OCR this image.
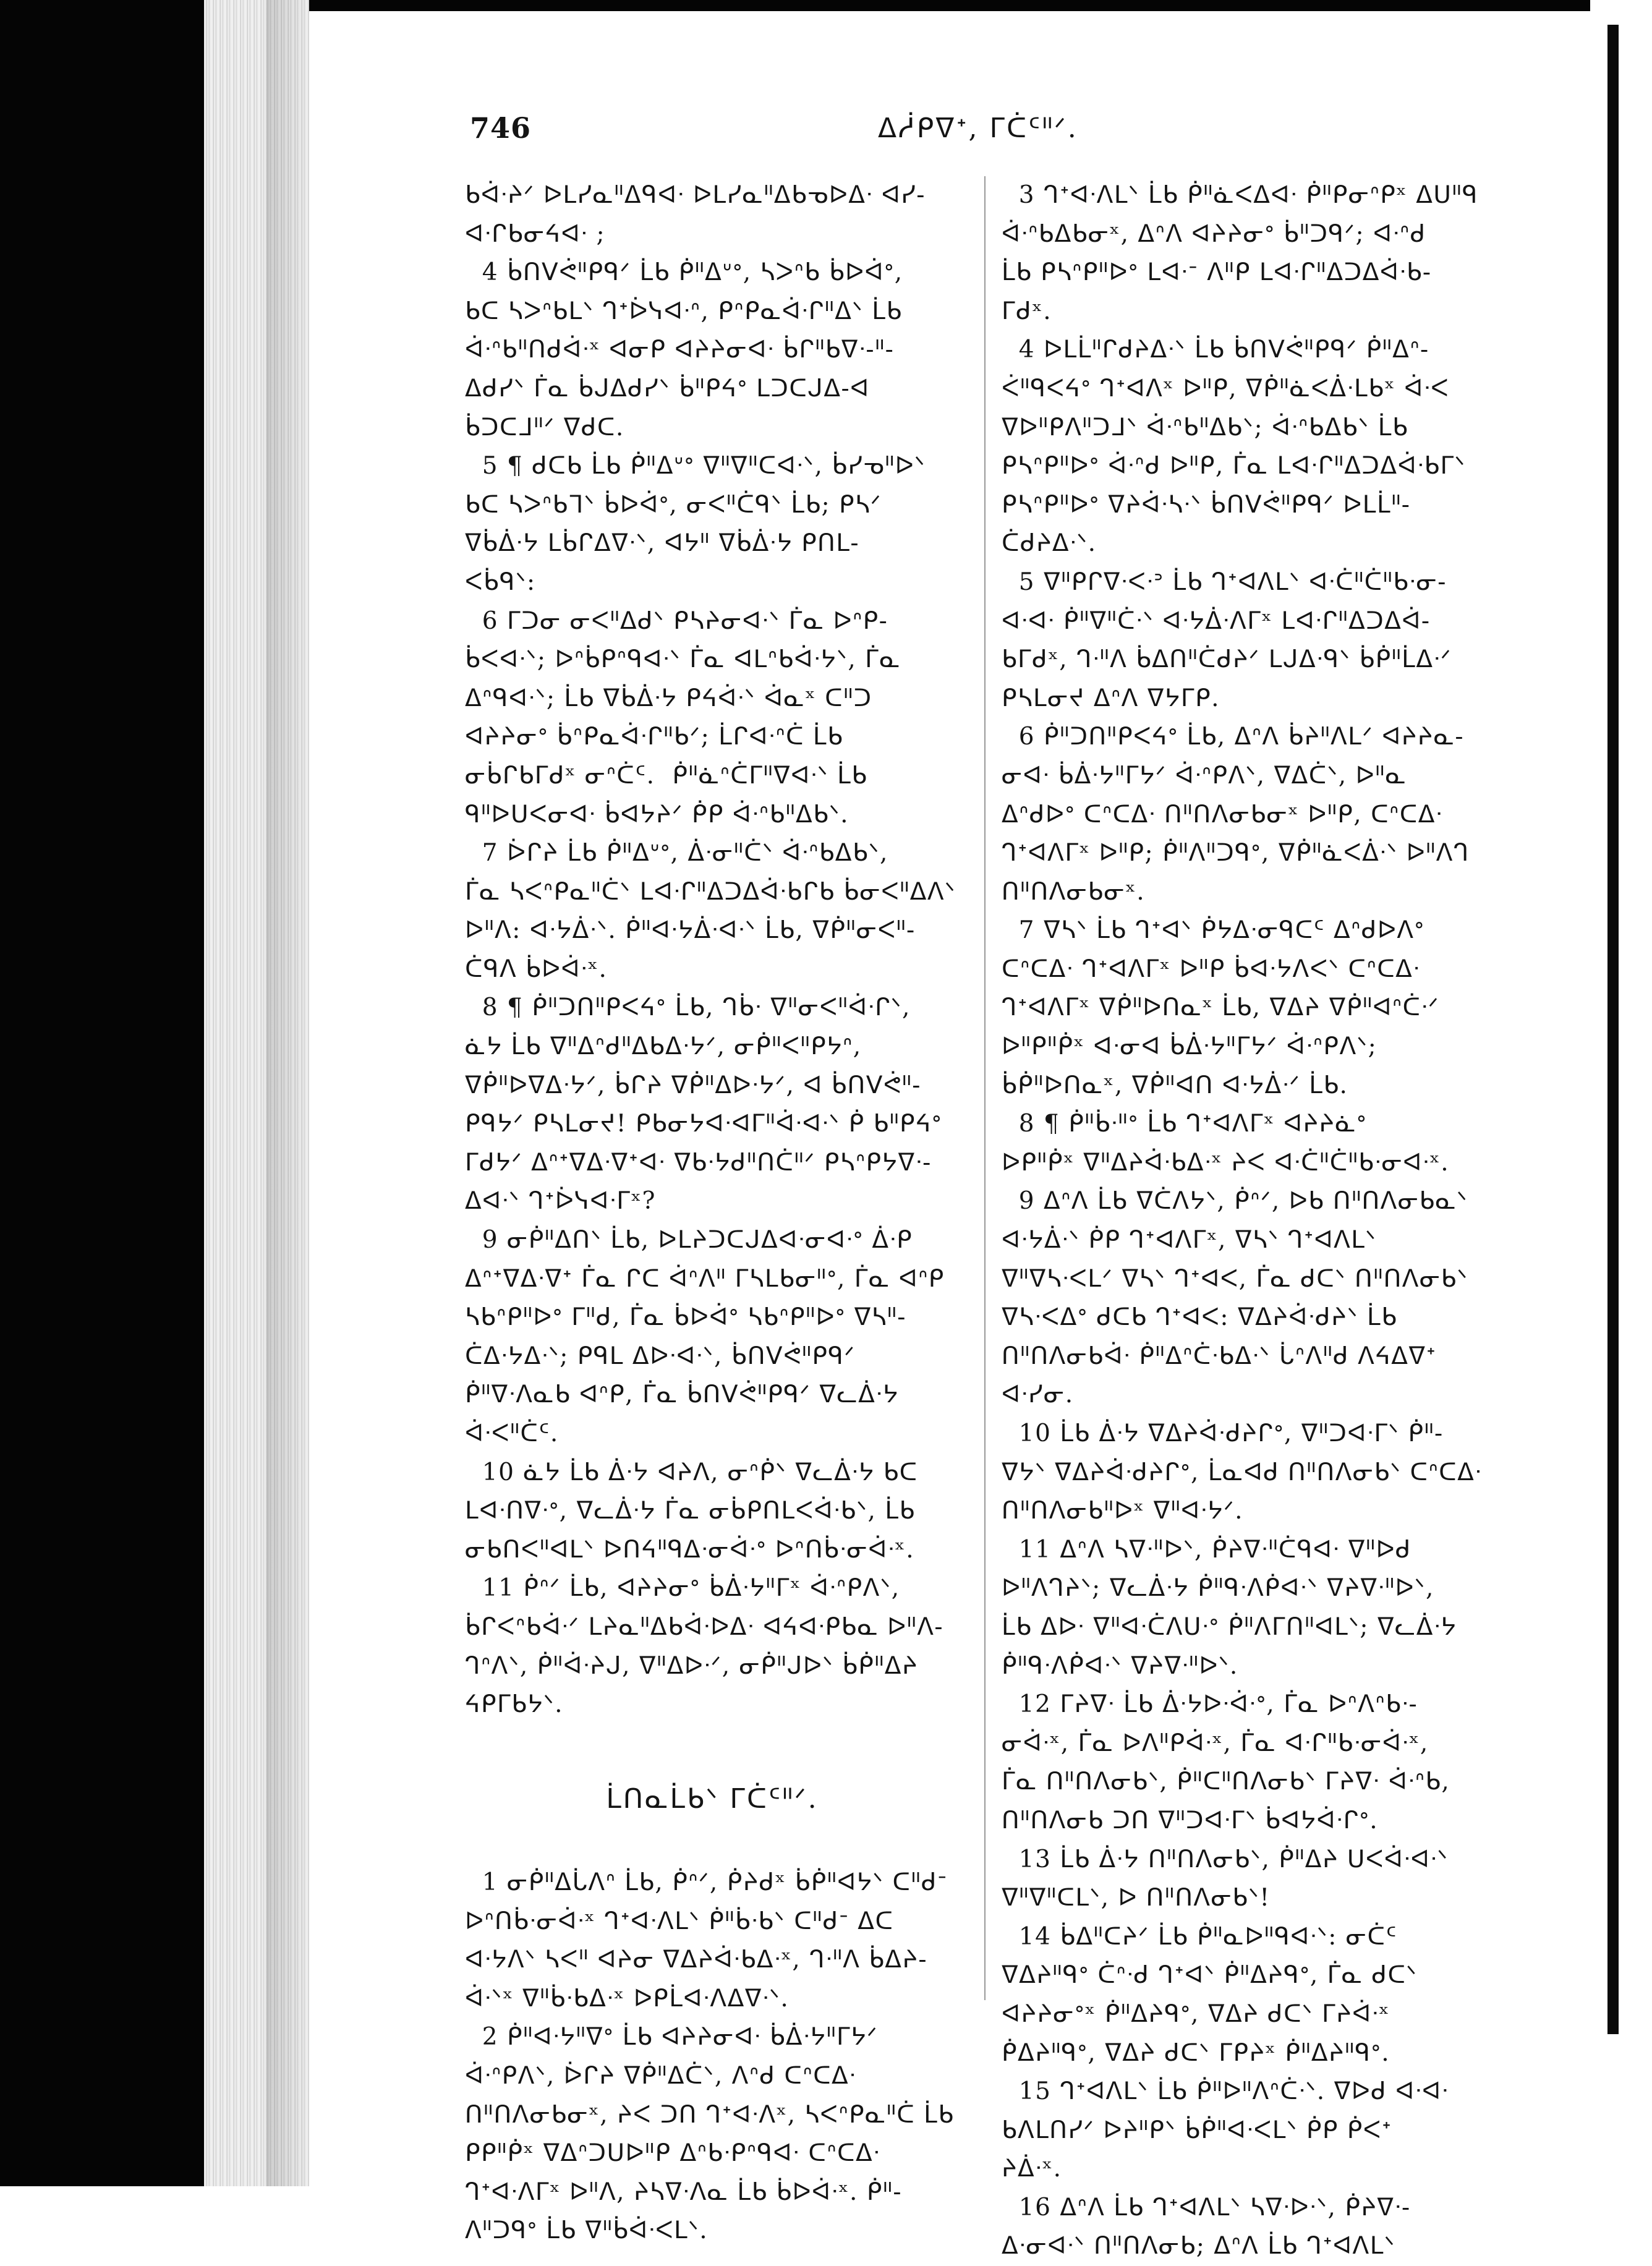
746	ᐃᓲᑭᐁᕀ, ᒥᑖᑦᐦᐟ.
ᑲᐋᐧᔨᐟ ᐅᒪᓯᓇᐦᐃᑫᐊᐧ ᐅᒪᓯᓇᐦᐃᑲᓀᐅᐃᐧ ᐊᓯ-
ᐊᐧᒋᑲᓂᔦᐊᐧ ;
4 ᑳᑎᐯᕚᐦᑭᑫᐟ ᒫᑲ ᑮᐦᐃᐡᐤ, ᓴᐳᐢᑲ ᑳᐅᐋᐤ,
ᑲᑕ ᓴᐳᐢᑲᒪᐠ ᒉᕀᐆᓭᐊᐧᐢ, ᑭᐢᑭᓇᐋᐧᒋᐦᐃᐠ ᒫᑲ
ᐋᐧᐢᑲᐦᑎᑯᐋᐧˣ ᐊᓂᑭ ᐊᔨᔨᓂᐊᐧ ᑳᒋᐦᑲᐁᐧ-ᐦ-
ᐃᑯᓯᐠ ᒦᓇ ᑳᒍᐃᑯᓯᐠ ᑳᐦᑭᔦᐤ ᒪᑐᑕᒍᐃ-ᐊ
ᑳᑐᑕᒧᐦᐟ ᐁᑯᑕ.
5 ¶ ᑯᑕᑲ ᒫᑲ ᑮᐦᐃᐡᐤ ᐁᐦᐁᐦᑕᐊᐧᐠ, ᑳᓯᓀᐦᐅᐠ
ᑲᑕ ᓴᐳᐢᑲᒣᐠ ᑳᐅᐋᐤ, ᓂᐸᐦᑖᑫᐠ ᒫᑲ; ᑭᓴᐟ
ᐁᑳᐄᐧᔭ ᒪᑳᒋᐃᐁᐧᐠ, ᐊᔭᐦ ᐁᑳᐄᐧᔭ ᑭᑎᒪ-
ᐸᑳᑫᐠ:
6 ᒥᑐᓂ ᓂᐸᐦᐃᑯᐠ ᑭᓴᔨᓂᐊᐧᐠ ᒦᓇ ᐅᐢᑭ-
ᑳᐸᐊᐧᐠ; ᐅᐢᑳᑭᐢᑫᐊᐧᐠ ᒦᓇ ᐊᒪᐢᑲᐋᐧᔭᐠ, ᒦᓇ
ᐃᐢᑫᐊᐧᐠ; ᒫᑲ ᐁᑳᐄᐧᔭ ᑭᔦᐋᐧᐠ ᐋᓇˣ ᑕᐦᑐ
ᐊᔨᔨᓂᐤ ᑳᐢᑭᓇᐋᐧᒋᐦᑲᐟ; ᒫᒋᐊᐧᐢᑖ ᒫᑲ
ᓂᑳᒋᑲᒥᑯˣ ᓂᐢᑖᑦ.  ᑮᐦᓈᐢᑖᒥᐦᐁᐊᐧᐠ ᒫᑲ
ᑫᐦᐅᑌᐸᓂᐊᐧ ᑳᐊᔭᔨᐟ ᑮᑭ ᐋᐧᐢᑲᐦᐃᑲᐠ.
7 ᐆᒋᔨ ᒫᑲ ᑮᐦᐃᐡᐤ, ᐄᐧᓂᐦᑖᐠ ᐋᐧᐢᑲᐃᑲᐠ,
ᒦᓇ ᓴᐸᐢᑭᓇᐦᑖᐠ ᒪᐊᐧᒋᐦᐃᑐᐃᐋᐧᑲᒋᑲ ᑳᓂᐸᐦᐃᐱᐠ
ᐅᐦᐱ: ᐊᐧᔭᐄᐧᐠ. ᑮᐦᐊᐧᔭᐄᐧᐊᐧᐠ ᒫᑲ, ᐁᑮᐦᓂᐸᐦ-
ᑖᑫᐱ ᑳᐅᐋᐧˣ.
8 ¶ ᑮᐦᑐᑎᐦᑭᐸᔦᐤ ᒫᑲ, ᒉᑳᐧ ᐁᐦᓂᐸᐦᐋᐧᒋᐠ,
ᓈᔭ ᒫᑲ ᐁᐦᐃᐢᑯᐦᐃᑲᐃᐧᔭᐟ, ᓂᑮᐦᐸᐦᑭᔭᐢ,
ᐁᑮᐦᐅᐁᐃᐧᔭᐟ, ᑳᒋᔨ ᐁᑮᐦᐃᐅᐧᔭᐟ, ᐊ ᑳᑎᐯᕚᐦ-
ᑭᑫᔭᐟ ᑭᓴᒪᓂᔪ! ᑭᑲᓂᔭᐊᐧᐊᒥᐦᐋᐧᐊᐧᐠ ᑮ ᑲᐦᑭᔦᐤ
ᒥᑯᔭᐟ ᐃᐢᕀᐁᐃᐧᐁᕀᐊᐧ ᐁᑲᐧᔭᑯᐦᑎᑖᐦᐟ ᑭᓴᐢᑭᔭᐁᐧ-
ᐃᐊᐧᐠ ᒉᕀᐆᓭᐊᐧᒥˣ?
9 ᓂᑮᐦᐃᑎᐠ ᒫᑲ, ᐅᒪᔨᑐᑕᒍᐃᐊᐧᓂᐊᐧᐤ ᐄᐧᑭ
ᐃᐢᕀᐁᐃᐧᐁᕀ ᒦᓇ ᒋᑕ ᐋᐢᐱᐦ ᒥᓴᒪᑲᓂᐦᐤ, ᒦᓇ ᐊᐢᑭ
ᓴᑲᐢᑭᐦᐅᐤ ᒥᐦᑯ, ᒦᓇ ᑳᐅᐋᐤ ᓴᑲᐢᑭᐦᐅᐤ ᐁᓴᐦ-
ᑖᐃᐧᔭᐃᐧᐠ; ᑭᑫᒪ ᐃᐅᐧᐊᐧᐠ, ᑳᑎᐯᕚᐦᑭᑫᐟ
ᑮᐦᐁᐧᐱᓇᑲ ᐊᐢᑭ, ᒦᓇ ᑳᑎᐯᕚᐦᑭᑫᐟ ᐁᓚᐄᐧᔭ
ᐋᐧᐸᐦᑖᑦ.
10 ᓈᔭ ᒫᑲ ᐄᐧᔭ ᐊᔨᐱ, ᓂᐢᑮᐠ ᐁᓚᐄᐧᔭ ᑲᑕ
ᒪᐊᐧᑎᐁᐧᐤ, ᐁᓚᐄᐧᔭ ᒦᓇ ᓂᑳᑭᑎᒪᐸᐋᐧᑲᐠ, ᒫᑲ
ᓂᑲᑎᐸᐦᐊᒪᐠ ᐅᑎᔦᐦᑫᐃᐧᓂᐋᐧᐤ ᐅᐢᑎᑳᐧᓂᐋᐧˣ.
11 ᑮᐢᐟ ᒫᑲ, ᐊᔨᔨᓂᐤ ᑳᐄᐧᔭᐦᒥˣ ᐋᐧᐢᑭᐱᐠ,
ᑳᒋᐸᐢᑲᐋᐧᐟ ᒪᔨᓇᐦᐃᑲᐋᐧᐅᐃᐧ ᐊᔦᐊᐧᑭᑲᓇ ᐅᐦᐱ-
ᒉᐢᐱᐠ, ᑮᐦᐋᐧᔨᒍ, ᐁᐦᐃᐅᐧᐟ, ᓂᑮᐦᒍᐅᐠ ᑳᑮᐦᐃᔨ
ᔦᑭᒥᑲᔭᐠ.
ᒫᑎᓇᒫᑲᐠ ᒥᑖᑦᐦᐟ.
1 ᓂᑮᐦᐃᒑᐱᐢ ᒫᑲ, ᑮᐢᐟ, ᑮᔨᑯˣ ᑳᑮᐦᐊᔭᐠ ᑕᐦᑯᐨ
ᐅᐢᑎᑳᐧᓂᐋᐧˣ ᒉᕀᐊᐧᐱᒪᐠ ᑮᐦᑳᐧᑲᐠ ᑕᐦᑯᐨ ᐃᑕ
ᐊᐧᔭᐱᐠ ᓴᐸᐦ ᐊᔨᓂ ᐁᐃᔨᐋᐧᑲᐃᐧˣ, ᒉᐧᐦᐱ ᑳᐃᔨ-
ᐋᐧᐠˣ ᐁᐦᑳᐧᑲᐃᐧˣ ᐅᑭᒫᐊᐧᐱᐃᐁᐧᐠ.
2 ᑮᐦᐊᐧᔭᐦᐁᐤ ᒫᑲ ᐊᔨᔨᓂᐊᐧ ᑳᐄᐧᔭᐦᒥᔭᐟ
ᐋᐧᐢᑭᐱᐠ, ᐆᒋᔨ ᐁᑮᐦᐃᑖᐠ, ᐱᐢᑯ ᑕᐢᑕᐃᐧ
ᑎᐦᑎᐱᓂᑲᓂˣ, ᔨᐸ ᑐᑎ ᒉᕀᐊᐧᐱˣ, ᓴᐸᐢᑭᓇᐦᑖ ᒫᑲ
ᑭᑭᐦᑮˣ ᐁᐃᐢᑐᑌᐅᐦᑭ ᐃᐢᑲᐧᑭᐢᑫᐊᐧ ᑕᐢᑕᐃᐧ
ᒉᕀᐊᐧᐱᒥˣ ᐅᐦᐱ, ᔨᓴᐁᐧᐱᓇ ᒫᑲ ᑳᐅᐋᐧˣ. ᑮᐦ-
ᐱᐦᑐᑫᐤ ᒫᑲ ᐁᐦᑳᐋᐧᐸᒪᐠ.
3 ᒉᕀᐊᐧᐱᒪᐠ ᒫᑲ ᑮᐦᓈᐸᐃᐊᐧ ᑮᐦᑭᓂᐢᑭˣ ᐃᑌᐦᑫ
ᐋᐧᐢᑲᐃᑲᓂˣ, ᐃᐢᐱ ᐊᔨᔨᓂᐤ ᑳᐦᑐᑫᐟ; ᐊᐧᐢᑯ
ᒫᑲ ᑭᓴᐢᑭᐦᐅᐤ ᒪᐊᐧᐨ ᐱᐦᑭ ᒪᐊᐧᒋᐦᐃᑐᐃᐋᐧᑲ-
ᒥᑯˣ.
4 ᐅᒪᒫᐦᒋᑯᔨᐃᐧᐠ ᒫᑲ ᑳᑎᐯᕚᐦᑭᑫᐟ ᑮᐦᐃᐢ-
ᐹᐦᑫᐸᔦᐤ ᒉᕀᐊᐱˣ ᐅᐦᑭ, ᐁᑮᐦᓈᐸᐄᐧᒪᑲˣ ᐋᐧᐸ
ᐁᐅᐦᑭᐱᐦᑐᒧᐠ ᐋᐧᐢᑲᐦᐃᑲᐠ; ᐋᐧᐢᑲᐃᑲᐠ ᒫᑲ
ᑭᓴᐢᑭᐦᐅᐤ ᐋᐧᐢᑯ ᐅᐦᑭ, ᒦᓇ ᒪᐊᐧᒋᐦᐃᑐᐃᐋᐧᑲᒥᐠ
ᑭᓴᐢᑭᐦᐅᐤ ᐁᔨᐋᐧᓴᐧᐠ ᑳᑎᐯᕚᐦᑭᑫᐟ ᐅᒪᒫᐦ-
ᑖᑯᔨᐃᐧᐠ.
5 ᐁᐦᑭᒋᐁᐧᐸᐧᐣ ᒫᑲ ᒉᕀᐊᐱᒪᐠ ᐊᐧᑖᐦᑖᐦᑲᐧᓂ-
ᐊᐧᐊᐧ ᑮᐦᐁᐦᑖᐧᐠ ᐊᐧᔭᐄᐧᐱᒥˣ ᒪᐊᐧᒋᐦᐃᑐᐃᐋ-
ᑲᒥᑯˣ, ᒉᐧᐦᐱ ᑳᐃᑎᐦᑖᑯᔨᐟ ᒪᒍᐃᐧᑫᐠ ᑳᑮᐦᒫᐃᐧᐟ
ᑭᓴᒪᓂᔪ ᐃᐢᐱ ᐁᔭᒥᑭ.
6 ᑮᐦᑐᑎᐦᑭᐸᔦᐤ ᒫᑲ, ᐃᐢᐱ ᑳᔨᐦᐱᒪᐟ ᐊᔨᔨᓇ-
ᓂᐊᐧ ᑳᐄᐧᔭᐦᒥᔭᐟ ᐋᐧᐢᑭᐱᐠ, ᐁᐃᑖᐠ, ᐅᐦᓇ
ᐃᐢᑯᐅᐤ ᑕᐢᑕᐃᐧ ᑎᐦᑎᐱᓂᑲᓂˣ ᐅᐦᑭ, ᑕᐢᑕᐃᐧ
ᒉᕀᐊᐱᒥˣ ᐅᐦᑭ; ᑮᐦᐱᐦᑐᑫᐤ, ᐁᑮᐦᓈᐸᐄᐧᐠ ᐅᐦᐱᒉ
ᑎᐦᑎᐱᓂᑲᓂˣ.
7 ᐁᓴᐠ ᒫᑲ ᒉᕀᐊᐠ ᑮᔭᐃᐧᓂᑫᑕᑦ ᐃᐢᑯᐅᐱᐤ
ᑕᐢᑕᐃᐧ ᒉᕀᐊᐱᒥˣ ᐅᐦᑭ ᑳᐊᐧᔭᐱᐸᐠ ᑕᐢᑕᐃᐧ
ᒉᕀᐊᐱᒥˣ ᐁᑮᐦᐅᑎᓇˣ ᒫᑲ, ᐁᐃᔨ ᐁᑮᐦᐊᐢᑖᐧᐟ
ᐅᐦᑭᐦᑮˣ ᐊᐧᓂᐊ ᑳᐄᐧᔭᐦᒥᔭᐟ ᐋᐧᐢᑭᐱᐠ;
ᑳᑮᐦᐅᑎᓇˣ, ᐁᑮᐦᐊᑎ ᐊᐧᔭᐄᐧᐟ ᒫᑲ.
8 ¶ ᑮᐦᑳᐧᐦᐤ ᒫᑲ ᒉᕀᐊᐱᒥˣ ᐊᔨᔨᓈᐤ
ᐅᑭᐦᑮˣ ᐁᐦᐃᔨᐋᐧᑲᐃᐧˣ ᔨᐸ ᐊᐧᑖᐦᑖᐦᑲᐧᓂᐊᐧˣ.
9 ᐃᐢᐱ ᒫᑲ ᐁᑖᐱᔭᐠ, ᑮᐢᐟ, ᐅᑲ ᑎᐦᑎᐱᓂᑲᓇᐠ
ᐊᐧᔭᐄᐧᐠ ᑮᑭ ᒉᕀᐊᐱᒥˣ, ᐁᓴᐠ ᒉᕀᐊᐱᒪᐠ
ᐁᐦᐁᓴᐧᐸᒪᐟ ᐁᓴᐠ ᒉᕀᐊᐸ, ᒦᓇ ᑯᑕᐠ ᑎᐦᑎᐱᓂᑲᐠ
ᐁᓴᐧᐸᐃᐤ ᑯᑕᑲ ᒉᕀᐊᐸ: ᐁᐃᔨᐋᐧᑯᔨᐠ ᒫᑲ
ᑎᐦᑎᐱᓂᑲᐋᐧ ᑮᐦᐃᐢᑖᐧᑲᐃᐧᐠ ᒑᐢᐱᐦᑯ ᐱᔦᐃᐁᕀ
ᐊᐧᓯᓂ.
10 ᒫᑲ ᐄᐧᔭ ᐁᐃᔨᐋᐧᑯᔨᒋᐤ, ᐁᐦᑐᐊᐧᒥᐠ ᑮᐦ-
ᐁᔭᐠ ᐁᐃᔨᐋᐧᑯᔨᒋᐤ, ᒫᓇᐊᑯ ᑎᐦᑎᐱᓂᑲᐠ ᑕᐢᑕᐃᐧ
ᑎᐦᑎᐱᓂᑲᐦᐅˣ ᐁᐦᐊᐧᔭᐟ.
11 ᐃᐢᐱ ᓴᐁᐧᐦᐅᐠ, ᑮᔨᐁᐧᐦᑖᑫᐊᐧ ᐁᐦᐅᑯ
ᐅᐦᐱᒉᔨᐠ; ᐁᓚᐄᐧᔭ ᑮᐦᑫᐧᐱᑮᐊᐧᐠ ᐁᔨᐁᐧᐦᐅᐠ,
ᒫᑲ ᐃᐅᐧ ᐁᐦᐊᐧᑖᐱᑌᐧᐤ ᑮᐦᐱᒥᑎᐦᐊᒪᐠ; ᐁᓚᐄᐧᔭ
ᑮᐦᑫᐧᐱᑮᐊᐧᐠ ᐁᔨᐁᐧᐦᐅᐠ.
12 ᒥᔨᐁᐧ ᒫᑲ ᐄᐧᔭᐅᐧᐋᐧᐤ, ᒦᓇ ᐅᐢᐱᐢᑲᐧ-
ᓂᐋᐧˣ, ᒦᓇ ᐅᐱᐦᑭᐋᐧˣ, ᒦᓇ ᐊᐧᒋᐦᑲᐧᓂᐋᐧˣ,
ᒦᓇ ᑎᐦᑎᐱᓂᑲᐠ, ᑮᐦᑕᐦᑎᐱᓂᑲᐠ ᒥᔨᐁᐧ ᐋᐧᐢᑲ,
ᑎᐦᑎᐱᓂᑲ ᑐᑎ ᐁᐦᑐᐊᐧᒥᐠ ᑳᐊᔭᐋᐧᒋᐤ.
13 ᒫᑲ ᐄᐧᔭ ᑎᐦᑎᐱᓂᑲᐠ, ᑮᐦᐃᔨ ᑌᐸᐋᐧᐊᐧᐠ
ᐁᐦᐁᐦᑕᒪᐠ, ᐅ ᑎᐦᑎᐱᓂᑲᐠ!
14 ᑳᐃᐦᑕᔨᐟ ᒫᑲ ᑮᐦᓇᐅᐦᑫᐊᐧᐠ: ᓂᑖᑦ
ᐁᐃᔨᐦᑫᐤ ᑖᐢᐧᑯ ᒉᕀᐊᐠ ᑮᐦᐃᔨᑫᐤ, ᒦᓇ ᑯᑕᐠ
ᐊᔨᔨᓂᐤˣ ᑮᐦᐃᔨᑫᐤ, ᐁᐃᔨ ᑯᑕᐠ ᒥᔨᐋᐧˣ
ᑮᐃᔨᐦᑫᐤ, ᐁᐃᔨ ᑯᑕᐠ ᒥᑭᔨˣ ᑮᐦᐃᔨᐦᑫᐤ.
15 ᒉᕀᐊᐱᒪᐠ ᒫᑲ ᑮᐦᐅᐦᐱᐢᑖᐧᐠ. ᐁᐅᑯ ᐊᐧᐊᐧ
ᑲᐱᒪᑎᓯᐟ ᐅᔨᐦᑭᐠ ᑳᑮᐦᐊᐧᐸᒪᐠ ᑮᑭ ᑮᐸᕀ
ᔨᐄᐧˣ.
16 ᐃᐢᐱ ᒫᑲ ᒉᕀᐊᐱᒪᐠ ᓴᐁᐧᐅᐧᐠ, ᑮᔨᐁᐧ-
ᐃᐧᓂᐊᐧᐠ ᑎᐦᑎᐱᓂᑲ; ᐃᐢᐱ ᒫᑲ ᒉᕀᐊᐱᒪᐠ
